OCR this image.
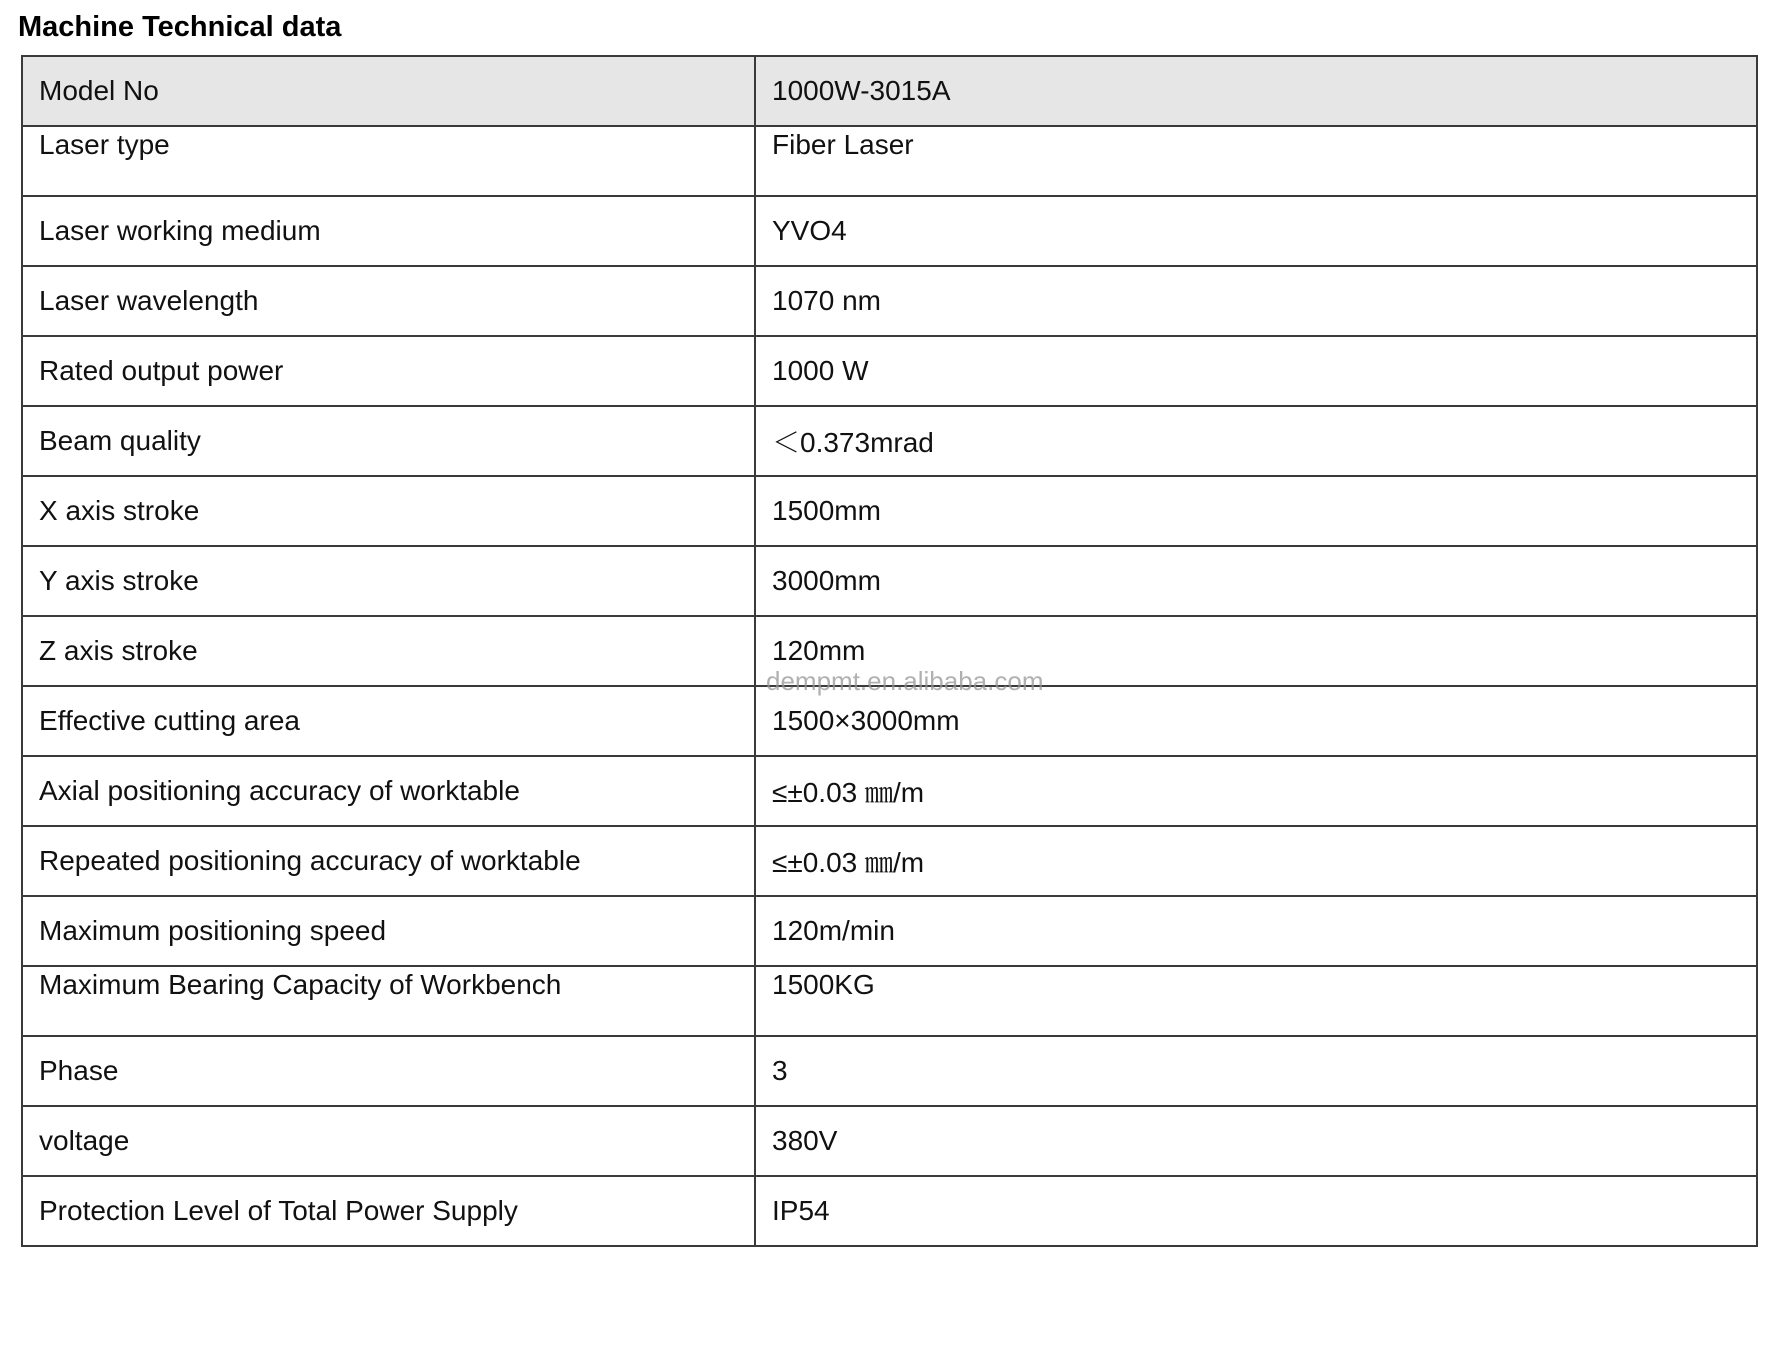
Machine Technical data
Model No	1000W-3015A
Laser type	Fiber Laser
Laser working medium	YVO4
Laser wavelength	1070 nm
Rated output power	1000 W
Beam quality	＜0.373mrad
X axis stroke	1500mm
Y axis stroke	3000mm
Z axis stroke	120mm
Effective cutting area	1500×3000mm
Axial positioning accuracy of worktable	≤±0.03 ㎜/m
Repeated positioning accuracy of worktable	≤±0.03 ㎜/m
Maximum positioning speed	120m/min
Maximum Bearing Capacity of Workbench	1500KG
Phase	3
voltage	380V
Protection Level of Total Power Supply	IP54
dempmt.en.alibaba.com
